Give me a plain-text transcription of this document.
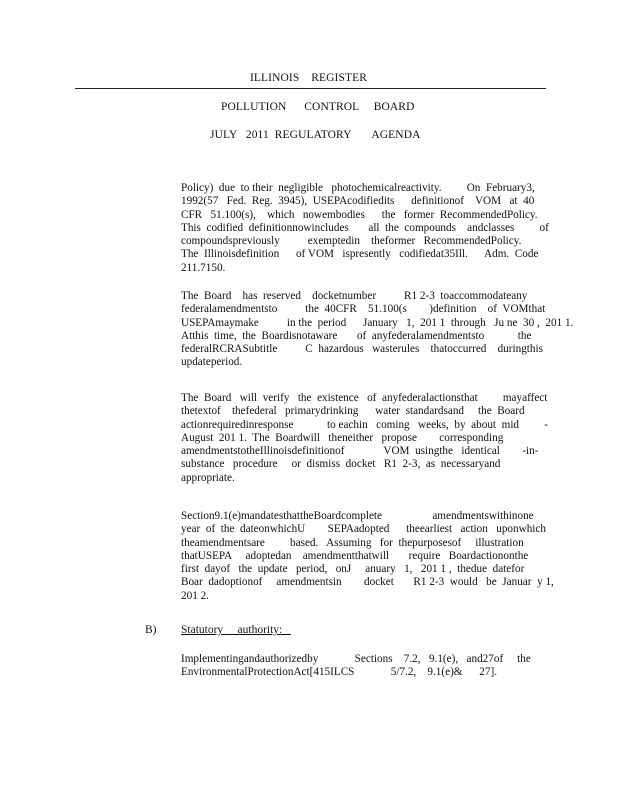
ILLINOIS    REGISTER
POLLUTION      CONTROL     BOARD
JULY   2011  REGULATORY       AGENDA
Policy)  due  to their  negligible   photochemicalreactivity.         On  February3,
1992(57   Fed.  Reg.  3945),  USEPAcodifiedits      definitionof    VOM   at  40
CFR   51.100(s),    which   nowembodies      the   former  RecommendedPolicy.
This  codified  definitionnowincludes       all  the  compounds    andclasses         of
compoundspreviously          exemptedin    theformer   RecommendedPolicy.
The  Illinoisdefinition      of VOM   ispresently   codifiedat35Ill.      Adm.  Code
211.7150.
The  Board    has  reserved    docketnumber          R1 2-3  toaccommodateany
federalamendmentsto          the  40CFR    51.100(s        )definition    of  VOMthat
USEPAmaymake          in the  period      January   1,  201 1  through   Ju ne  30 ,  201 1.
Atthis  time,  the  Boardisnotaware       of  anyfederalamendmentsto            the
federalRCRASubtitle          C  hazardous   wasterules    thatoccurred    duringthis
updateperiod.
The  Board   will  verify   the  existence   of  anyfederalactionsthat         mayaffect
thetextof    thefederal   primarydrinking      water  standardsand     the  Board
actionrequiredinresponse            to eachin   coming   weeks,  by  about  mid         -
August  201 1.  The  Boardwill   theneither   propose        corresponding
amendmentstotheIllinoisdefinitionof              VOM  usingthe   identical        -in-
substance   procedure     or  dismiss  docket   R1  2-3,  as  necessaryand
appropriate.
Section9.1(e)mandatesthattheBoardcomplete                  amendmentswithinone
year  of  the  dateonwhichU        SEPAadopted      theearliest   action   uponwhich
theamendmentsare         based.   Assuming   for  thepurposesof     illustration
thatUSEPA     adoptedan    amendmentthatwill       require   Boardactiononthe
first  dayof   the  update   period,   onJ     anuary   1,   201 1 ,  thedue  datefor
Boar  dadoptionof     amendmentsin        docket       R1 2-3  would   be  Januar  y 1,
201 2.
B) Statutory     authority:
Implementingandauthorizedby             Sections    7.2,   9.1(e),   and27of     the
EnvironmentalProtectionAct[415ILCS             5/7.2,    9.1(e)&      27].
